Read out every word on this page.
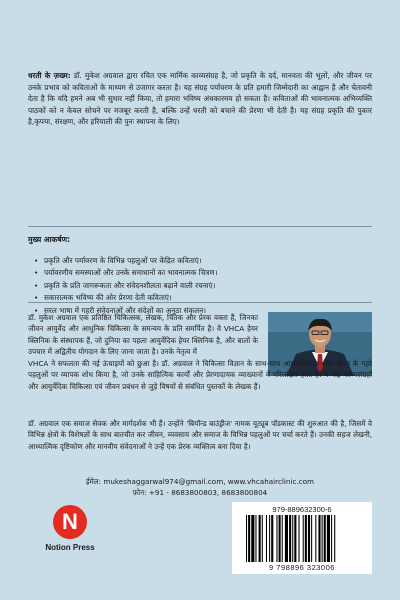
धरती के ज़ख्म: डॉ. मुकेश अग्रवाल द्वारा रचित एक मार्मिक काव्यसंग्रह है, जो प्रकृति के दर्द, मानवता की भूलों, और जीवन पर उनके प्रभाव को कविताओं के माध्यम से उजागर करता है। यह संग्रह पर्यावरण के प्रति हमारी जिम्मेदारी का आह्वान है और चेतावनी देता है कि यदि हमने अब भी सुधार नहीं किया, तो हमारा भविष्य अंधकारमय हो सकता है। कविताओं की भावनात्मक अभिव्यक्ति पाठकों को न केवल सोचने पर मजबूर करती है, बल्कि उन्हें धरती को बचाने की प्रेरणा भी देती है। यह संग्रह प्रकृति की पुकार है,कृपया, संरक्षण, और हरियाली की पुनः स्थापना के लिए।
मुख्य आकर्षण:
• प्रकृति और पर्यावरण के विभिन्न पहलुओं पर केंद्रित कविताएं।
• पर्यावरणीय समस्याओं और उनके समाधानों का भावनात्मक चित्रण।
• प्रकृति के प्रति जागरूकता और संवेदनशीलता बढ़ाने वाली रचनाएं।
• सकारात्मक भविष्य की ओर प्रेरणा देती कविताएं।
• सरल भाषा में गहरी संवेदनाओं और संदेशों का अनूठा संकलन।
डॉ. मुकेश अग्रवाल एक प्रतिष्ठित चिकित्सक, लेखक, चिंतक और प्रेरक वक्ता हैं, जिनका जीवन आयुर्वेद और आधुनिक चिकित्सा के समन्वय के प्रति समर्पित है। वे VHCA हेयर क्लिनिक के संस्थापक हैं, जो दुनिया का पहला आयुर्वेदिक हेयर क्लिनिक है, और बालों के उपचार में अद्वितीय योगदान के लिए जाना जाता है। उनके नेतृत्व में
VHCA ने सफलता की नई ऊंचाइयों को छुआ है। डॉ. अग्रवाल ने चिकित्सा विज्ञान के साथ-साथ आध्यात्मिकता और जीवन के गहरे पहलुओं पर व्यापक शोध किया है, जो उनके साहित्यिक कार्यों और प्रेरणादायक व्याख्यानों में परिलक्षित होता है। वे कई काव्यसंग्रहों और आयुर्वेदिक चिकित्सा एवं जीवन प्रबंधन से जुड़े विषयों से संबंधित पुस्तकों के लेखक हैं।
डॉ. अग्रवाल एक समाज सेवक और मार्गदर्शक भी हैं। उन्होंने 'बियॉन्ड बाउंड्रीज' नामक यूट्यूब पॉडकास्ट की शुरुआत की है, जिसमें वे विभिन्न क्षेत्रों के विशेषज्ञों के साथ बातचीत कर जीवन, व्यवसाय और समाज के विभिन्न पहलुओं पर चर्चा करते हैं। उनकी सहज लेखनी, आध्यात्मिक दृष्टिकोण और मानवीय संवेदनाओं ने उन्हें एक प्रेरक व्यक्तित्व बना दिया है।
ईमेल: mukeshaggarwal974@gmail.com, www.vhcahairclinic.com
फ़ोन: +91 - 8683800803, 8683800804
N
Notion Press
979-889632300-6
9 798896 323006
